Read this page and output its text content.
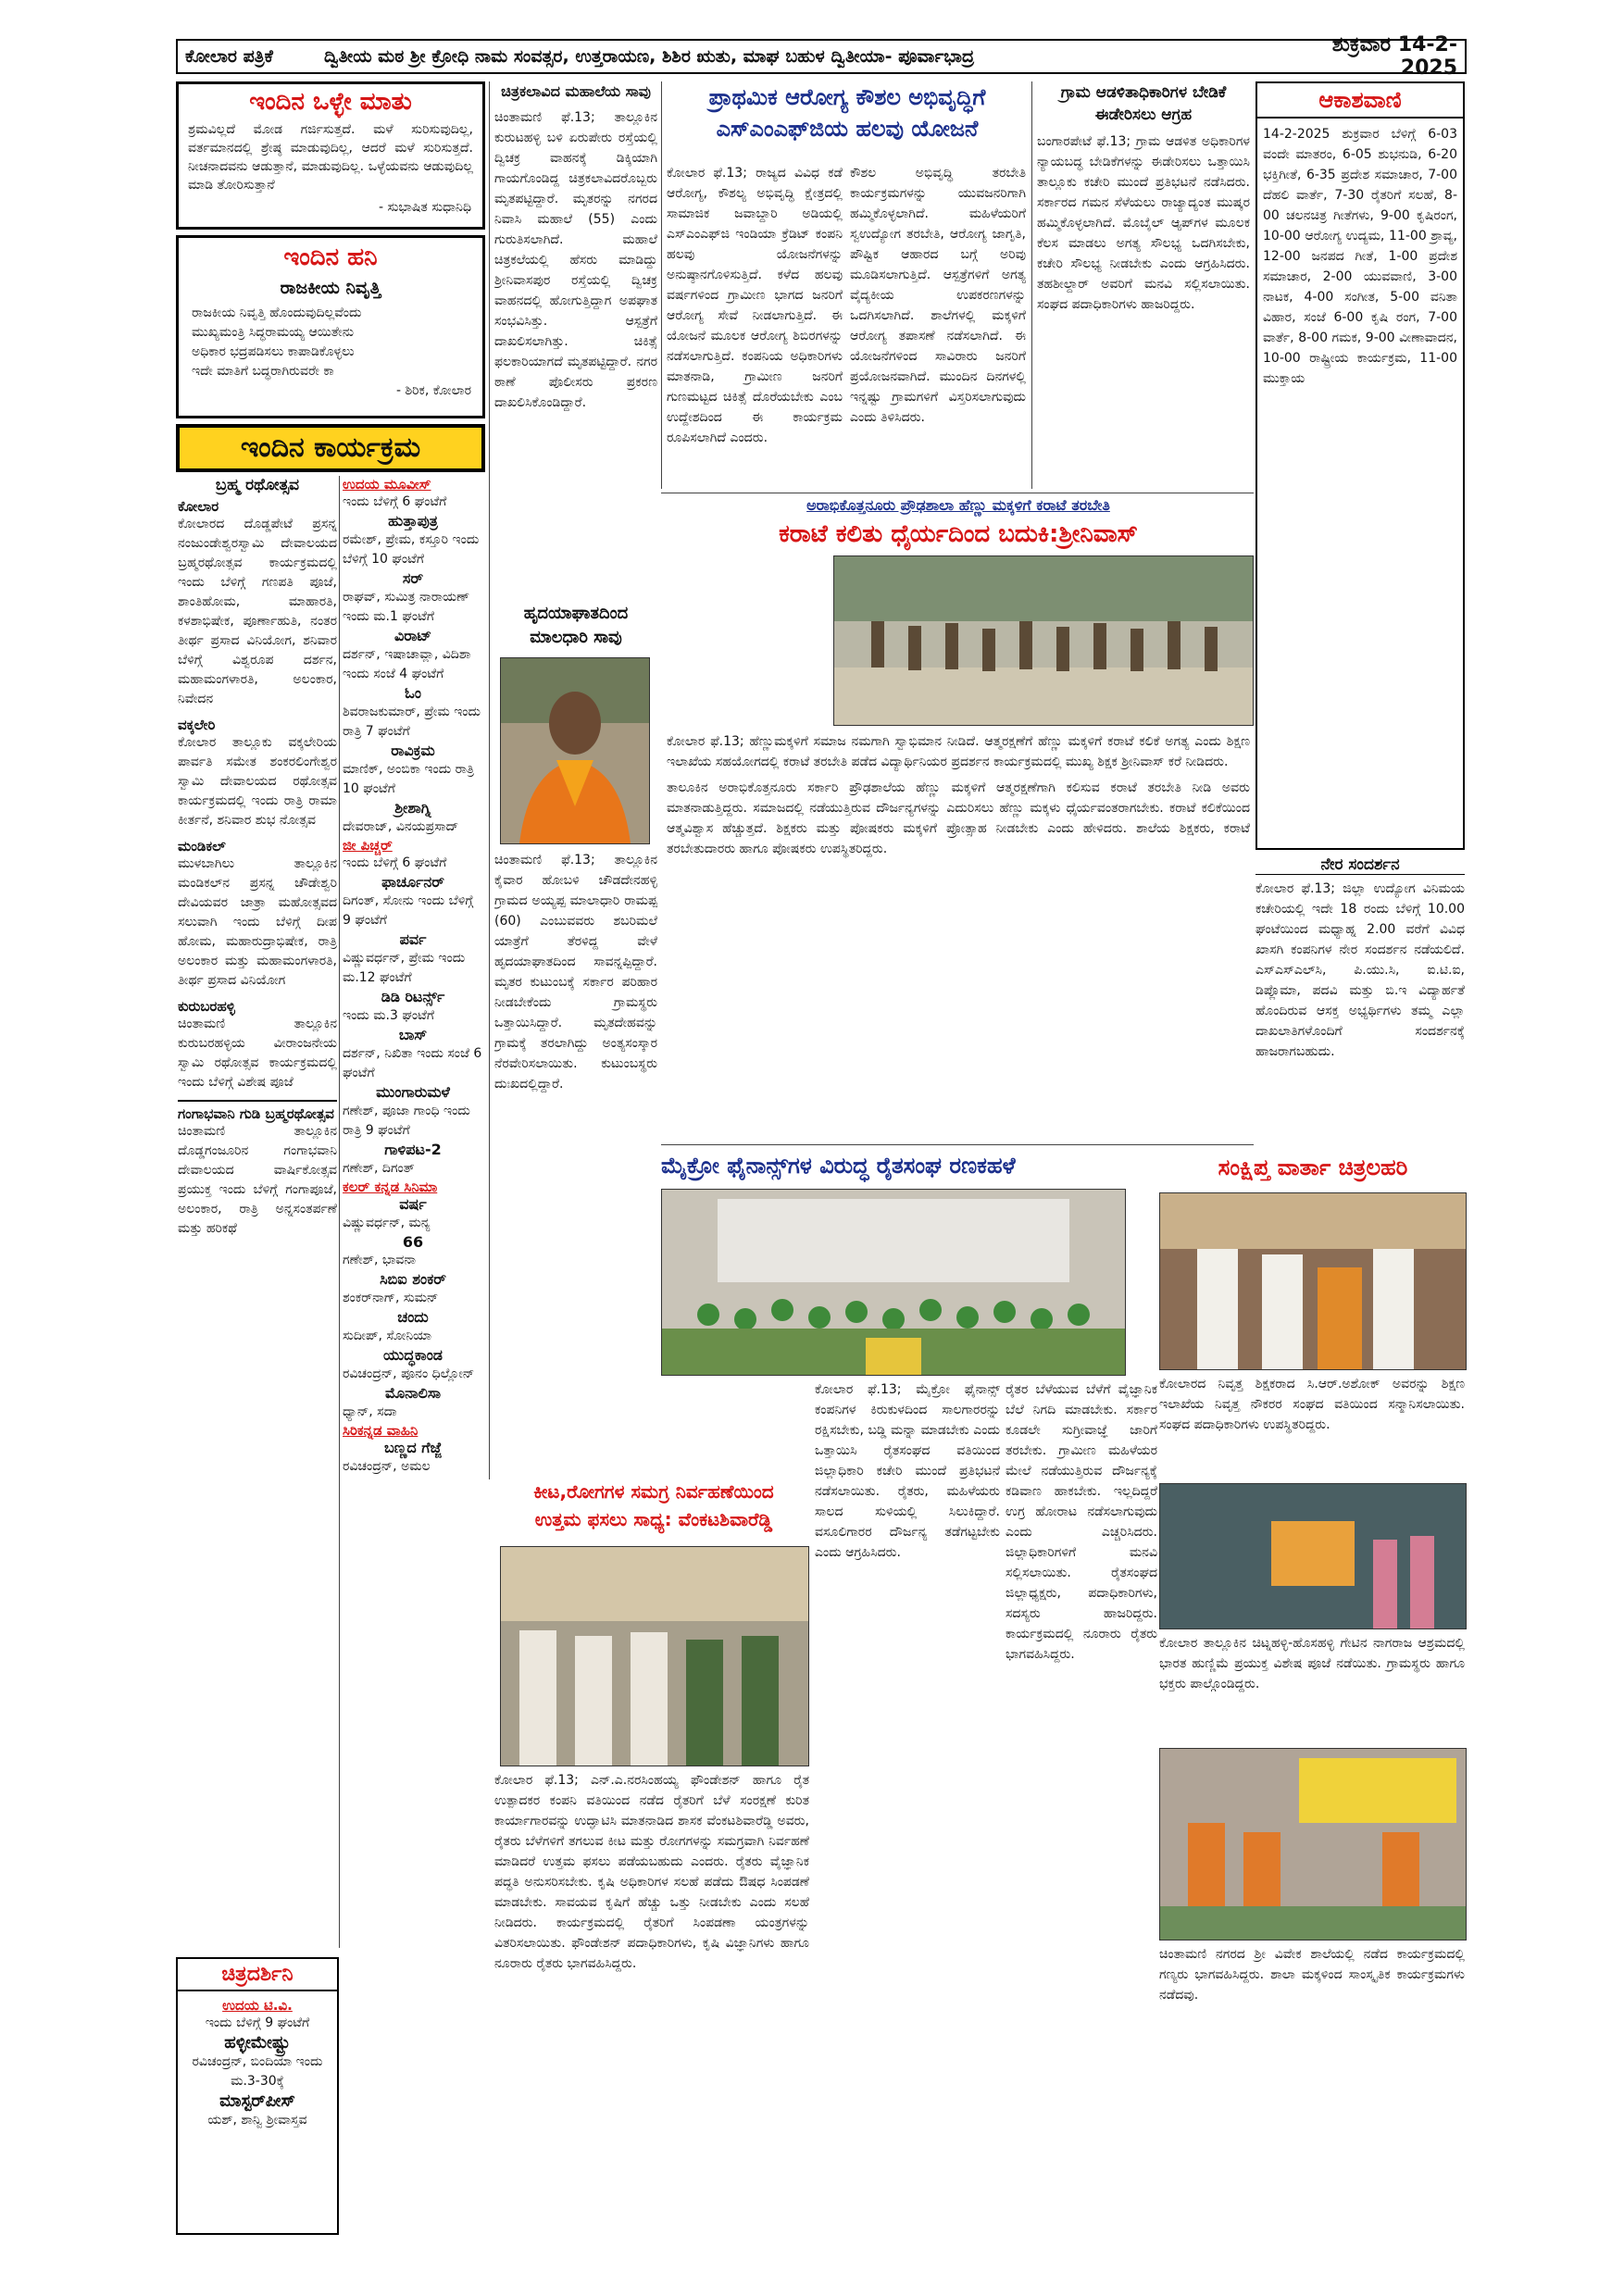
ಕೋಲಾರ ಪತ್ರಿಕೆ	ದ್ವಿತೀಯ ಮಠ ಶ್ರೀ ಕ್ರೋಧಿ ನಾಮ ಸಂವತ್ಸರ, ಉತ್ತರಾಯಣ, ಶಿಶಿರ ಋತು, ಮಾಘ ಬಹುಳ ದ್ವಿತೀಯಾ- ಪೂರ್ವಾಭಾದ್ರ	ಶುಕ್ರವಾರ 14-2-2025
ಇಂದಿನ ಒಳ್ಳೇ ಮಾತು
ಶ್ರಮವಿಲ್ಲದೆ ಮೋಡ ಗರ್ಜಿಸುತ್ತದೆ. ಮಳೆ ಸುರಿಸುವುದಿಲ್ಲ, ವರ್ತಮಾನದಲ್ಲಿ ಶ್ರೇಷ್ಠ ಮಾಡುವುದಿಲ್ಲ, ಆದರೆ ಮಳೆ ಸುರಿಸುತ್ತದೆ. ನೀಚನಾದವನು ಆಡುತ್ತಾನೆ, ಮಾಡುವುದಿಲ್ಲ. ಒಳ್ಳೆಯವನು ಆಡುವುದಿಲ್ಲ ಮಾಡಿ ತೋರಿಸುತ್ತಾನೆ
- ಸುಭಾಷಿತ ಸುಧಾನಿಧಿ
ಇಂದಿನ ಹನಿ
ರಾಜಕೀಯ ನಿವೃತ್ತಿ
ರಾಜಕೀಯ ನಿವೃತ್ತಿ ಹೊಂದುವುದಿಲ್ಲವೆಂದು
ಮುಖ್ಯಮಂತ್ರಿ ಸಿದ್ಧರಾಮಯ್ಯ ಆಯಿತೇನು
ಅಧಿಕಾರ ಭದ್ರಪಡಿಸಲು ಕಾಪಾಡಿಕೊಳ್ಳಲು
ಇದೇ ಮಾತಿಗೆ ಬದ್ಧರಾಗಿರುವರೇ ಕಾ
- ಶಿರಿಕ, ಕೋಲಾರ
ಇಂದಿನ ಕಾರ್ಯಕ್ರಮ
ಬ್ರಹ್ಮ ರಥೋತ್ಸವ
ಕೋಲಾರ
ಕೋಲಾರದ ದೊಡ್ಡಪೇಟೆ ಪ್ರಸನ್ನ ನಂಜುಂಡೇಶ್ವರಸ್ವಾಮಿ ದೇವಾಲಯದ ಬ್ರಹ್ಮರಥೋತ್ಸವ ಕಾರ್ಯಕ್ರಮದಲ್ಲಿ ಇಂದು ಬೆಳಿಗ್ಗೆ ಗಣಪತಿ ಪೂಜೆ, ಶಾಂತಿಹೋಮ, ಮಾಹಾರತಿ, ಕಳಶಾಭಿಷೇಕ, ಪೂರ್ಣಾಹುತಿ, ನಂತರ ತೀರ್ಥ ಪ್ರಸಾದ ವಿನಿಯೋಗ, ಶನಿವಾರ ಬೆಳಿಗ್ಗೆ ವಿಶ್ವರೂಪ ದರ್ಶನ, ಮಹಾಮಂಗಳಾರತಿ, ಅಲಂಕಾರ, ನಿವೇದನ
ವಕ್ಕಲೇರಿ
ಕೋಲಾರ ತಾಲ್ಲೂಕು ವಕ್ಕಲೇರಿಯ ಪಾರ್ವತಿ ಸಮೇತ ಶಂಕರಲಿಂಗೇಶ್ವರ ಸ್ವಾಮಿ ದೇವಾಲಯದ ರಥೋತ್ಸವ ಕಾರ್ಯಕ್ರಮದಲ್ಲಿ ಇಂದು ರಾತ್ರಿ ರಾಮಾ ಕೀರ್ತನೆ, ಶನಿವಾರ ಶುಭ ನೋತ್ಸವ
ಮಂಡಿಕಲ್
ಮುಳಬಾಗಿಲು ತಾಲ್ಲೂಕಿನ ಮಂಡಿಕಲ್‌ನ ಪ್ರಸನ್ನ ಚೌಡೇಶ್ವರಿ ದೇವಿಯವರ ಜಾತ್ರಾ ಮಹೋತ್ಸವದ ಸಲುವಾಗಿ ಇಂದು ಬೆಳಿಗ್ಗೆ ದೀಪ ಹೋಮ, ಮಹಾರುದ್ರಾಭಿಷೇಕ, ರಾತ್ರಿ ಅಲಂಕಾರ ಮತ್ತು ಮಹಾಮಂಗಳಾರತಿ, ತೀರ್ಥ ಪ್ರಸಾದ ವಿನಿಯೋಗ
ಕುರುಬರಹಳ್ಳಿ
ಚಿಂತಾಮಣಿ ತಾಲ್ಲೂಕಿನ ಕುರುಬರಹಳ್ಳಿಯ ವೀರಾಂಜನೇಯ ಸ್ವಾಮಿ ರಥೋತ್ಸವ ಕಾರ್ಯಕ್ರಮದಲ್ಲಿ ಇಂದು ಬೆಳಿಗ್ಗೆ ವಿಶೇಷ ಪೂಜೆ
ಗಂಗಾಭವಾನಿ ಗುಡಿ ಬ್ರಹ್ಮರಥೋತ್ಸವ
ಚಿಂತಾಮಣಿ ತಾಲ್ಲೂಕಿನ ದೊಡ್ಡಗಂಜೂರಿನ ಗಂಗಾಭವಾನಿ ದೇವಾಲಯದ ವಾರ್ಷಿಕೋತ್ಸವ ಪ್ರಯುಕ್ತ ಇಂದು ಬೆಳಿಗ್ಗೆ ಗಂಗಾಪೂಜೆ, ಅಲಂಕಾರ, ರಾತ್ರಿ ಅನ್ನಸಂತರ್ಪಣೆ ಮತ್ತು ಹರಿಕಥೆ
ಉದಯ ಮೂವೀಸ್
ಇಂದು ಬೆಳಿಗ್ಗೆ 6 ಘಂಟೆಗೆ
ಹುತ್ತಾಪುತ್ರ
ರಮೇಶ್, ಪ್ರೇಮ, ಕಸ್ತೂರಿ ಇಂದು ಬೆಳಿಗ್ಗೆ 10 ಘಂಟೆಗೆ
ಸರ್
ರಾಘವ್, ಸುಮಿತ್ರ ನಾರಾಯಣ್ ಇಂದು ಮ.1 ಘಂಟೆಗೆ
ವಿರಾಟ್
ದರ್ಶನ್, ಇಷಾಚಾವ್ಲಾ, ವಿದಿಶಾ ಇಂದು ಸಂಜೆ 4 ಘಂಟೆಗೆ
ಓಂ
ಶಿವರಾಜಕುಮಾರ್, ಪ್ರೇಮ ಇಂದು ರಾತ್ರಿ 7 ಘಂಟೆಗೆ
ರಾವಿಕ್ರಮ
ಮಾಣಿಕ್, ಅಂಬಿಕಾ ಇಂದು ರಾತ್ರಿ 10 ಘಂಟೆಗೆ
ಶ್ರೀಶಾಗ್ನಿ
ದೇವರಾಜ್, ವಿನಯಪ್ರಸಾದ್
ಜೀ ಪಿಚ್ಚರ್
ಇಂದು ಬೆಳಿಗ್ಗೆ 6 ಘಂಟೆಗೆ
ಫಾರ್ಚೂನರ್
ದಿಗಂತ್, ಸೋನು ಇಂದು ಬೆಳಿಗ್ಗೆ 9 ಘಂಟೆಗೆ
ಪರ್ವ
ವಿಷ್ಣುವರ್ಧನ್, ಪ್ರೇಮ ಇಂದು ಮ.12 ಘಂಟೆಗೆ
ಡಿಡಿ ರಿಟರ್ನ್ಸ್
ಇಂದು ಮ.3 ಘಂಟೆಗೆ
ಬಾಸ್
ದರ್ಶನ್, ನಿಖಿತಾ ಇಂದು ಸಂಜೆ 6 ಘಂಟೆಗೆ
ಮುಂಗಾರುಮಳೆ
ಗಣೇಶ್, ಪೂಜಾ ಗಾಂಧಿ ಇಂದು ರಾತ್ರಿ 9 ಘಂಟೆಗೆ
ಗಾಳಿಪಟ-2
ಗಣೇಶ್, ದಿಗಂತ್
ಕಲರ್ ಕನ್ನಡ ಸಿನಿಮಾ
ವರ್ಷ
ವಿಷ್ಣುವರ್ಧನ್, ಮನ್ಯ
66
ಗಣೇಶ್, ಭಾವನಾ
ಸಿಬಿಐ ಶಂಕರ್
ಶಂಕರ್‌ನಾಗ್, ಸುಮನ್
ಚಂದು
ಸುದೀಪ್, ಸೋನಿಯಾ
ಯುದ್ಧಕಾಂಡ
ರವಿಚಂದ್ರನ್, ಪೂನಂ ಧಿಲ್ಲೋನ್
ಮೊನಾಲಿಸಾ
ಧ್ಯಾನ್, ಸದಾ
ಸಿರಿಕನ್ನಡ ವಾಹಿನಿ
ಬಣ್ಣದ ಗೆಜ್ಜೆ
ರವಿಚಂದ್ರನ್, ಅಮಲ
ಚಿತ್ರದರ್ಶಿನಿ
ಉದಯ ಟಿ.ವಿ.
ಇಂದು ಬೆಳಿಗ್ಗೆ 9 ಘಂಟೆಗೆ
ಹಳ್ಳೀಮೇಷ್ಟ್ರು
ರವಿಚಂದ್ರನ್, ಬಿಂದಿಯಾ ಇಂದು ಮ.3-30ಕ್ಕೆ
ಮಾಸ್ಟರ್‌ಪೀಸ್
ಯಶ್, ಶಾನ್ವಿ ಶ್ರೀವಾಸ್ತವ
ಚಿತ್ರಕಲಾವಿದ ಮಹಾಲೆಯ ಸಾವು
ಚಿಂತಾಮಣಿ ಫೆ.13; ತಾಲ್ಲೂಕಿನ ಕುರುಟಹಳ್ಳಿ ಬಳಿ ಏರುಪೇರು ರಸ್ತೆಯಲ್ಲಿ ದ್ವಿಚಕ್ರ ವಾಹನಕ್ಕೆ ಡಿಕ್ಕಿಯಾಗಿ ಗಾಯಗೊಂಡಿದ್ದ ಚಿತ್ರಕಲಾವಿದರೊಬ್ಬರು ಮೃತಪಟ್ಟಿದ್ದಾರೆ. ಮೃತರನ್ನು ನಗರದ ನಿವಾಸಿ ಮಹಾಲೆ (55) ಎಂದು ಗುರುತಿಸಲಾಗಿದೆ. ಮಹಾಲೆ ಚಿತ್ರಕಲೆಯಲ್ಲಿ ಹೆಸರು ಮಾಡಿದ್ದು ಶ್ರೀನಿವಾಸಪುರ ರಸ್ತೆಯಲ್ಲಿ ದ್ವಿಚಕ್ರ ವಾಹನದಲ್ಲಿ ಹೋಗುತ್ತಿದ್ದಾಗ ಅಪಘಾತ ಸಂಭವಿಸಿತ್ತು. ಆಸ್ಪತ್ರೆಗೆ ದಾಖಲಿಸಲಾಗಿತ್ತು. ಚಿಕಿತ್ಸೆ ಫಲಕಾರಿಯಾಗದೆ ಮೃತಪಟ್ಟಿದ್ದಾರೆ. ನಗರ ಠಾಣೆ ಪೊಲೀಸರು ಪ್ರಕರಣ ದಾಖಲಿಸಿಕೊಂಡಿದ್ದಾರೆ.
ಹೃದಯಾಘಾತದಿಂದ ಮಾಲಧಾರಿ ಸಾವು
ಚಿಂತಾಮಣಿ ಫೆ.13; ತಾಲ್ಲೂಕಿನ ಕೈವಾರ ಹೋಬಳಿ ಚೌಡದೇನಹಳ್ಳಿ ಗ್ರಾಮದ ಅಯ್ಯಪ್ಪ ಮಾಲಾಧಾರಿ ರಾಮಪ್ಪ (60) ಎಂಬುವವರು ಶಬರಿಮಲೆ ಯಾತ್ರೆಗೆ ತೆರಳಿದ್ದ ವೇಳೆ ಹೃದಯಾಘಾತದಿಂದ ಸಾವನ್ನಪ್ಪಿದ್ದಾರೆ. ಮೃತರ ಕುಟುಂಬಕ್ಕೆ ಸರ್ಕಾರ ಪರಿಹಾರ ನೀಡಬೇಕೆಂದು ಗ್ರಾಮಸ್ಥರು ಒತ್ತಾಯಿಸಿದ್ದಾರೆ. ಮೃತದೇಹವನ್ನು ಗ್ರಾಮಕ್ಕೆ ತರಲಾಗಿದ್ದು ಅಂತ್ಯಸಂಸ್ಕಾರ ನೆರವೇರಿಸಲಾಯಿತು. ಕುಟುಂಬಸ್ಥರು ದುಃಖದಲ್ಲಿದ್ದಾರೆ.
ಪ್ರಾಥಮಿಕ ಆರೋಗ್ಯ ಕೌಶಲ ಅಭಿವೃದ್ಧಿಗೆ
ಎಸ್‌ಎಂಎಫ್‌ಜಿಯ ಹಲವು ಯೋಜನೆ
ಕೋಲಾರ ಫೆ.13; ರಾಜ್ಯದ ವಿವಿಧ ಕಡೆ ಆರೋಗ್ಯ, ಕೌಶಲ್ಯ ಅಭಿವೃದ್ಧಿ ಕ್ಷೇತ್ರದಲ್ಲಿ ಸಾಮಾಜಿಕ ಜವಾಬ್ದಾರಿ ಅಡಿಯಲ್ಲಿ ಎಸ್‌ಎಂಎಫ್‌ಜಿ ಇಂಡಿಯಾ ಕ್ರೆಡಿಟ್ ಕಂಪನಿ ಹಲವು ಯೋಜನೆಗಳನ್ನು ಅನುಷ್ಠಾನಗೊಳಿಸುತ್ತಿದೆ. ಕಳೆದ ಹಲವು ವರ್ಷಗಳಿಂದ ಗ್ರಾಮೀಣ ಭಾಗದ ಜನರಿಗೆ ಆರೋಗ್ಯ ಸೇವೆ ನೀಡಲಾಗುತ್ತಿದೆ. ಈ ಯೋಜನೆ ಮೂಲಕ ಆರೋಗ್ಯ ಶಿಬಿರಗಳನ್ನು ನಡೆಸಲಾಗುತ್ತಿದೆ. ಕಂಪನಿಯ ಅಧಿಕಾರಿಗಳು ಮಾತನಾಡಿ, ಗ್ರಾಮೀಣ ಜನರಿಗೆ ಗುಣಮಟ್ಟದ ಚಿಕಿತ್ಸೆ ದೊರೆಯಬೇಕು ಎಂಬ ಉದ್ದೇಶದಿಂದ ಈ ಕಾರ್ಯಕ್ರಮ ರೂಪಿಸಲಾಗಿದೆ ಎಂದರು.
ಕೌಶಲ ಅಭಿವೃದ್ಧಿ ತರಬೇತಿ ಕಾರ್ಯಕ್ರಮಗಳನ್ನು ಯುವಜನರಿಗಾಗಿ ಹಮ್ಮಿಕೊಳ್ಳಲಾಗಿದೆ. ಮಹಿಳೆಯರಿಗೆ ಸ್ವಉದ್ಯೋಗ ತರಬೇತಿ, ಆರೋಗ್ಯ ಜಾಗೃತಿ, ಪೌಷ್ಟಿಕ ಆಹಾರದ ಬಗ್ಗೆ ಅರಿವು ಮೂಡಿಸಲಾಗುತ್ತಿದೆ. ಆಸ್ಪತ್ರೆಗಳಿಗೆ ಅಗತ್ಯ ವೈದ್ಯಕೀಯ ಉಪಕರಣಗಳನ್ನು ಒದಗಿಸಲಾಗಿದೆ. ಶಾಲೆಗಳಲ್ಲಿ ಮಕ್ಕಳಿಗೆ ಆರೋಗ್ಯ ತಪಾಸಣೆ ನಡೆಸಲಾಗಿದೆ. ಈ ಯೋಜನೆಗಳಿಂದ ಸಾವಿರಾರು ಜನರಿಗೆ ಪ್ರಯೋಜನವಾಗಿದೆ. ಮುಂದಿನ ದಿನಗಳಲ್ಲಿ ಇನ್ನಷ್ಟು ಗ್ರಾಮಗಳಿಗೆ ವಿಸ್ತರಿಸಲಾಗುವುದು ಎಂದು ತಿಳಿಸಿದರು.
ಗ್ರಾಮ ಆಡಳಿತಾಧಿಕಾರಿಗಳ ಬೇಡಿಕೆ ಈಡೇರಿಸಲು ಆಗ್ರಹ
ಬಂಗಾರಪೇಟೆ ಫೆ.13; ಗ್ರಾಮ ಆಡಳಿತ ಅಧಿಕಾರಿಗಳ ನ್ಯಾಯಬದ್ಧ ಬೇಡಿಕೆಗಳನ್ನು ಈಡೇರಿಸಲು ಒತ್ತಾಯಿಸಿ ತಾಲ್ಲೂಕು ಕಚೇರಿ ಮುಂದೆ ಪ್ರತಿಭಟನೆ ನಡೆಸಿದರು. ಸರ್ಕಾರದ ಗಮನ ಸೆಳೆಯಲು ರಾಜ್ಯಾದ್ಯಂತ ಮುಷ್ಕರ ಹಮ್ಮಿಕೊಳ್ಳಲಾಗಿದೆ. ಮೊಬೈಲ್ ಆ್ಯಪ್‌ಗಳ ಮೂಲಕ ಕೆಲಸ ಮಾಡಲು ಅಗತ್ಯ ಸೌಲಭ್ಯ ಒದಗಿಸಬೇಕು, ಕಚೇರಿ ಸೌಲಭ್ಯ ನೀಡಬೇಕು ಎಂದು ಆಗ್ರಹಿಸಿದರು. ತಹಶೀಲ್ದಾರ್ ಅವರಿಗೆ ಮನವಿ ಸಲ್ಲಿಸಲಾಯಿತು. ಸಂಘದ ಪದಾಧಿಕಾರಿಗಳು ಹಾಜರಿದ್ದರು.
ಅರಾಭಿಕೊತ್ತನೂರು ಪ್ರೌಢಶಾಲಾ ಹೆಣ್ಣು ಮಕ್ಕಳಿಗೆ ಕರಾಟೆ ತರಬೇತಿ
ಕರಾಟೆ ಕಲಿತು ಧೈರ್ಯದಿಂದ ಬದುಕಿ:ಶ್ರೀನಿವಾಸ್
ಕೋಲಾರ ಫೆ.13; ಹೆಣ್ಣುಮಕ್ಕಳಿಗೆ ಸಮಾಜ ನಮಗಾಗಿ ಸ್ವಾಭಿಮಾನ ನೀಡಿದೆ. ಆತ್ಮರಕ್ಷಣೆಗೆ ಹೆಣ್ಣು ಮಕ್ಕಳಿಗೆ ಕರಾಟೆ ಕಲಿಕೆ ಅಗತ್ಯ ಎಂದು ಶಿಕ್ಷಣ ಇಲಾಖೆಯ ಸಹಯೋಗದಲ್ಲಿ ಕರಾಟೆ ತರಬೇತಿ ಪಡೆದ ವಿದ್ಯಾರ್ಥಿನಿಯರ ಪ್ರದರ್ಶನ ಕಾರ್ಯಕ್ರಮದಲ್ಲಿ ಮುಖ್ಯ ಶಿಕ್ಷಕ ಶ್ರೀನಿವಾಸ್ ಕರೆ ನೀಡಿದರು.
ತಾಲೂಕಿನ ಅರಾಭಿಕೊತ್ತನೂರು ಸರ್ಕಾರಿ ಪ್ರೌಢಶಾಲೆಯ ಹೆಣ್ಣು ಮಕ್ಕಳಿಗೆ ಆತ್ಮರಕ್ಷಣೆಗಾಗಿ ಕಲಿಸುವ ಕರಾಟೆ ತರಬೇತಿ ನೀಡಿ ಅವರು ಮಾತನಾಡುತ್ತಿದ್ದರು. ಸಮಾಜದಲ್ಲಿ ನಡೆಯುತ್ತಿರುವ ದೌರ್ಜನ್ಯಗಳನ್ನು ಎದುರಿಸಲು ಹೆಣ್ಣು ಮಕ್ಕಳು ಧೈರ್ಯವಂತರಾಗಬೇಕು. ಕರಾಟೆ ಕಲಿಕೆಯಿಂದ ಆತ್ಮವಿಶ್ವಾಸ ಹೆಚ್ಚುತ್ತದೆ. ಶಿಕ್ಷಕರು ಮತ್ತು ಪೋಷಕರು ಮಕ್ಕಳಿಗೆ ಪ್ರೋತ್ಸಾಹ ನೀಡಬೇಕು ಎಂದು ಹೇಳಿದರು. ಶಾಲೆಯ ಶಿಕ್ಷಕರು, ಕರಾಟೆ ತರಬೇತುದಾರರು ಹಾಗೂ ಪೋಷಕರು ಉಪಸ್ಥಿತರಿದ್ದರು.
ಆಕಾಶವಾಣಿ
14-2-2025 ಶುಕ್ರವಾರ ಬೆಳಿಗ್ಗೆ 6-03 ವಂದೇ ಮಾತರಂ, 6-05 ಶುಭನುಡಿ, 6-20 ಭಕ್ತಿಗೀತೆ, 6-35 ಪ್ರದೇಶ ಸಮಾಚಾರ, 7-00 ದೆಹಲಿ ವಾರ್ತೆ, 7-30 ರೈತರಿಗೆ ಸಲಹೆ, 8-00 ಚಲನಚಿತ್ರ ಗೀತೆಗಳು, 9-00 ಕೃಷಿರಂಗ, 10-00 ಆರೋಗ್ಯ ಉದ್ಯಮ, 11-00 ಶ್ರಾವ್ಯ, 12-00 ಜನಪದ ಗೀತೆ, 1-00 ಪ್ರದೇಶ ಸಮಾಚಾರ, 2-00 ಯುವವಾಣಿ, 3-00 ನಾಟಕ, 4-00 ಸಂಗೀತ, 5-00 ವನಿತಾ ವಿಹಾರ, ಸಂಜೆ 6-00 ಕೃಷಿ ರಂಗ, 7-00 ವಾರ್ತೆ, 8-00 ಗಮಕ, 9-00 ವೀಣಾವಾದನ, 10-00 ರಾಷ್ಟ್ರೀಯ ಕಾರ್ಯಕ್ರಮ, 11-00 ಮುಕ್ತಾಯ
ನೇರ ಸಂದರ್ಶನ
ಕೋಲಾರ ಫೆ.13; ಜಿಲ್ಲಾ ಉದ್ಯೋಗ ವಿನಿಮಯ ಕಚೇರಿಯಲ್ಲಿ ಇದೇ 18 ರಂದು ಬೆಳಿಗ್ಗೆ 10.00 ಘಂಟೆಯಿಂದ ಮಧ್ಯಾಹ್ನ 2.00 ವರೆಗೆ ವಿವಿಧ ಖಾಸಗಿ ಕಂಪನಿಗಳ ನೇರ ಸಂದರ್ಶನ ನಡೆಯಲಿದೆ. ಎಸ್‌ಎಸ್‌ಎಲ್‌ಸಿ, ಪಿ.ಯು.ಸಿ, ಐ.ಟಿ.ಐ, ಡಿಪ್ಲೊಮಾ, ಪದವಿ ಮತ್ತು ಬಿ.ಇ ವಿದ್ಯಾರ್ಹತೆ ಹೊಂದಿರುವ ಆಸಕ್ತ ಅಭ್ಯರ್ಥಿಗಳು ತಮ್ಮ ಎಲ್ಲಾ ದಾಖಲಾತಿಗಳೊಂದಿಗೆ ಸಂದರ್ಶನಕ್ಕೆ ಹಾಜರಾಗಬಹುದು.
ಮೈಕ್ರೋ ಫೈನಾನ್ಸ್‌ಗಳ ವಿರುದ್ಧ ರೈತಸಂಘ ರಣಕಹಳೆ
ಕೋಲಾರ ಫೆ.13; ಮೈಕ್ರೋ ಫೈನಾನ್ಸ್ ಕಂಪನಿಗಳ ಕಿರುಕುಳದಿಂದ ಸಾಲಗಾರರನ್ನು ರಕ್ಷಿಸಬೇಕು, ಬಡ್ಡಿ ಮನ್ನಾ ಮಾಡಬೇಕು ಎಂದು ಒತ್ತಾಯಿಸಿ ರೈತಸಂಘದ ವತಿಯಿಂದ ಜಿಲ್ಲಾಧಿಕಾರಿ ಕಚೇರಿ ಮುಂದೆ ಪ್ರತಿಭಟನೆ ನಡೆಸಲಾಯಿತು. ರೈತರು, ಮಹಿಳೆಯರು ಸಾಲದ ಸುಳಿಯಲ್ಲಿ ಸಿಲುಕಿದ್ದಾರೆ. ವಸೂಲಿಗಾರರ ದೌರ್ಜನ್ಯ ತಡೆಗಟ್ಟಬೇಕು ಎಂದು ಆಗ್ರಹಿಸಿದರು.
ರೈತರ ಬೆಳೆಯುವ ಬೆಳೆಗೆ ವೈಜ್ಞಾನಿಕ ಬೆಲೆ ನಿಗದಿ ಮಾಡಬೇಕು. ಸರ್ಕಾರ ಕೂಡಲೇ ಸುಗ್ರೀವಾಜ್ಞೆ ಜಾರಿಗೆ ತರಬೇಕು. ಗ್ರಾಮೀಣ ಮಹಿಳೆಯರ ಮೇಲೆ ನಡೆಯುತ್ತಿರುವ ದೌರ್ಜನ್ಯಕ್ಕೆ ಕಡಿವಾಣ ಹಾಕಬೇಕು. ಇಲ್ಲದಿದ್ದರೆ ಉಗ್ರ ಹೋರಾಟ ನಡೆಸಲಾಗುವುದು ಎಂದು ಎಚ್ಚರಿಸಿದರು. ಜಿಲ್ಲಾಧಿಕಾರಿಗಳಿಗೆ ಮನವಿ ಸಲ್ಲಿಸಲಾಯಿತು. ರೈತಸಂಘದ ಜಿಲ್ಲಾಧ್ಯಕ್ಷರು, ಪದಾಧಿಕಾರಿಗಳು, ಸದಸ್ಯರು ಹಾಜರಿದ್ದರು. ಕಾರ್ಯಕ್ರಮದಲ್ಲಿ ನೂರಾರು ರೈತರು ಭಾಗವಹಿಸಿದ್ದರು.
ಕೀಟ,ರೋಗಗಳ ಸಮಗ್ರ ನಿರ್ವಹಣೆಯಿಂದ
ಉತ್ತಮ ಫಸಲು ಸಾಧ್ಯ: ವೆಂಕಟಶಿವಾರೆಡ್ಡಿ
ಕೋಲಾರ ಫೆ.13; ಎನ್.ಎ.ನರಸಿಂಹಯ್ಯ ಫೌಂಡೇಶನ್ ಹಾಗೂ ರೈತ ಉತ್ಪಾದಕರ ಕಂಪನಿ ವತಿಯಿಂದ ನಡೆದ ರೈತರಿಗೆ ಬೆಳೆ ಸಂರಕ್ಷಣೆ ಕುರಿತ ಕಾರ್ಯಾಗಾರವನ್ನು ಉದ್ಘಾಟಿಸಿ ಮಾತನಾಡಿದ ಶಾಸಕ ವೆಂಕಟಶಿವಾರೆಡ್ಡಿ ಅವರು, ರೈತರು ಬೆಳೆಗಳಿಗೆ ತಗಲುವ ಕೀಟ ಮತ್ತು ರೋಗಗಳನ್ನು ಸಮಗ್ರವಾಗಿ ನಿರ್ವಹಣೆ ಮಾಡಿದರೆ ಉತ್ತಮ ಫಸಲು ಪಡೆಯಬಹುದು ಎಂದರು. ರೈತರು ವೈಜ್ಞಾನಿಕ ಪದ್ಧತಿ ಅನುಸರಿಸಬೇಕು. ಕೃಷಿ ಅಧಿಕಾರಿಗಳ ಸಲಹೆ ಪಡೆದು ಔಷಧ ಸಿಂಪಡಣೆ ಮಾಡಬೇಕು. ಸಾವಯವ ಕೃಷಿಗೆ ಹೆಚ್ಚು ಒತ್ತು ನೀಡಬೇಕು ಎಂದು ಸಲಹೆ ನೀಡಿದರು. ಕಾರ್ಯಕ್ರಮದಲ್ಲಿ ರೈತರಿಗೆ ಸಿಂಪಡಣಾ ಯಂತ್ರಗಳನ್ನು ವಿತರಿಸಲಾಯಿತು. ಫೌಂಡೇಶನ್ ಪದಾಧಿಕಾರಿಗಳು, ಕೃಷಿ ವಿಜ್ಞಾನಿಗಳು ಹಾಗೂ ನೂರಾರು ರೈತರು ಭಾಗವಹಿಸಿದ್ದರು.
ಸಂಕ್ಷಿಪ್ತ ವಾರ್ತಾ ಚಿತ್ರಲಹರಿ
ಕೋಲಾರದ ನಿವೃತ್ತ ಶಿಕ್ಷಕರಾದ ಸಿ.ಆರ್.ಅಶೋಕ್ ಅವರನ್ನು ಶಿಕ್ಷಣ ಇಲಾಖೆಯ ನಿವೃತ್ತ ನೌಕರರ ಸಂಘದ ವತಿಯಿಂದ ಸನ್ಮಾನಿಸಲಾಯಿತು. ಸಂಘದ ಪದಾಧಿಕಾರಿಗಳು ಉಪಸ್ಥಿತರಿದ್ದರು.
ಕೋಲಾರ ತಾಲ್ಲೂಕಿನ ಚಿಟ್ನಹಳ್ಳಿ-ಹೊಸಹಳ್ಳಿ ಗೇಟಿನ ನಾಗರಾಜ ಆಶ್ರಮದಲ್ಲಿ ಭಾರತ ಹುಣ್ಣಿಮೆ ಪ್ರಯುಕ್ತ ವಿಶೇಷ ಪೂಜೆ ನಡೆಯಿತು. ಗ್ರಾಮಸ್ಥರು ಹಾಗೂ ಭಕ್ತರು ಪಾಲ್ಗೊಂಡಿದ್ದರು.
ಚಿಂತಾಮಣಿ ನಗರದ ಶ್ರೀ ವಿವೇಕ ಶಾಲೆಯಲ್ಲಿ ನಡೆದ ಕಾರ್ಯಕ್ರಮದಲ್ಲಿ ಗಣ್ಯರು ಭಾಗವಹಿಸಿದ್ದರು. ಶಾಲಾ ಮಕ್ಕಳಿಂದ ಸಾಂಸ್ಕೃತಿಕ ಕಾರ್ಯಕ್ರಮಗಳು ನಡೆದವು.
